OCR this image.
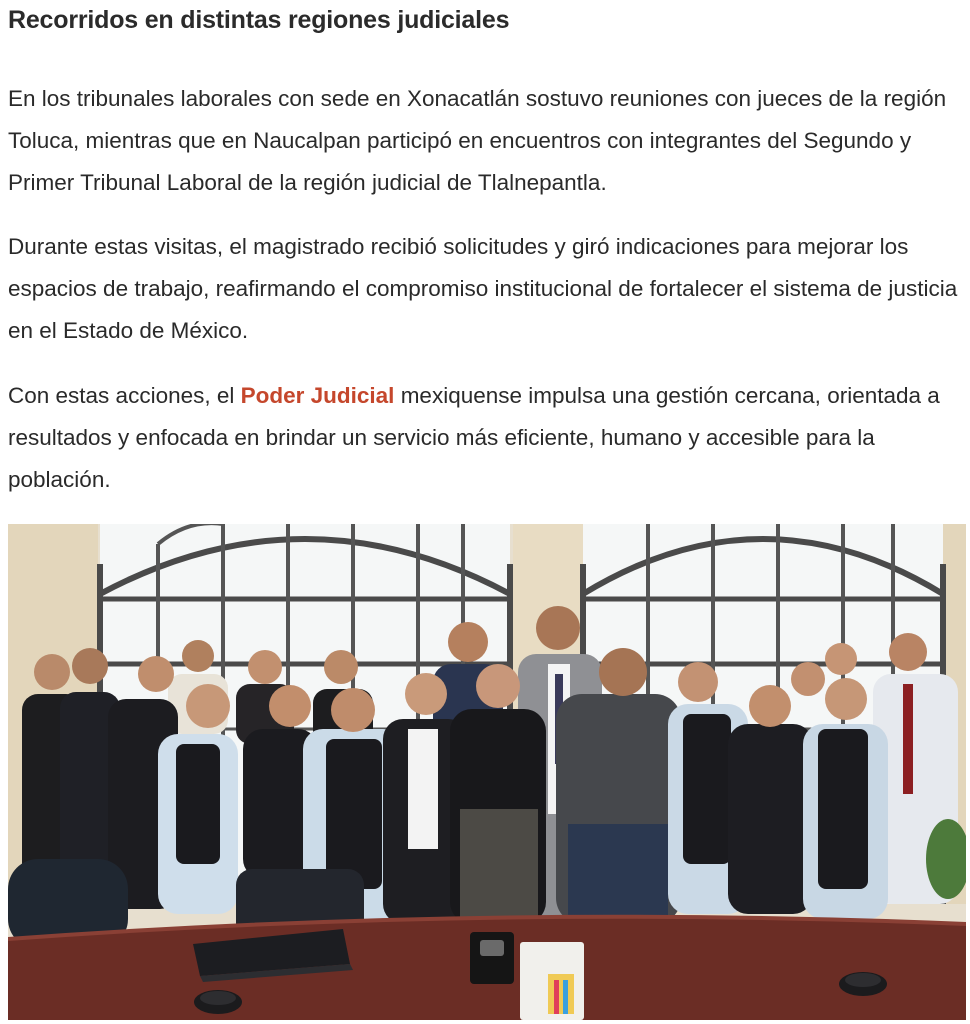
Recorridos en distintas regiones judiciales

En los tribunales laborales con sede en Xonacatlán sostuvo reuniones con jueces de la región Toluca, mientras que en Naucalpan participó en encuentros con integrantes del Segundo y Primer Tribunal Laboral de la región judicial de Tlalnepantla.

Durante estas visitas, el magistrado recibió solicitudes y giró indicaciones para mejorar los espacios de trabajo, reafirmando el compromiso institucional de fortalecer el sistema de justicia en el Estado de México.

Con estas acciones, el Poder Judicial mexiquense impulsa una gestión cercana, orientada a resultados y enfocada en brindar un servicio más eficiente, humano y accesible para la población.
